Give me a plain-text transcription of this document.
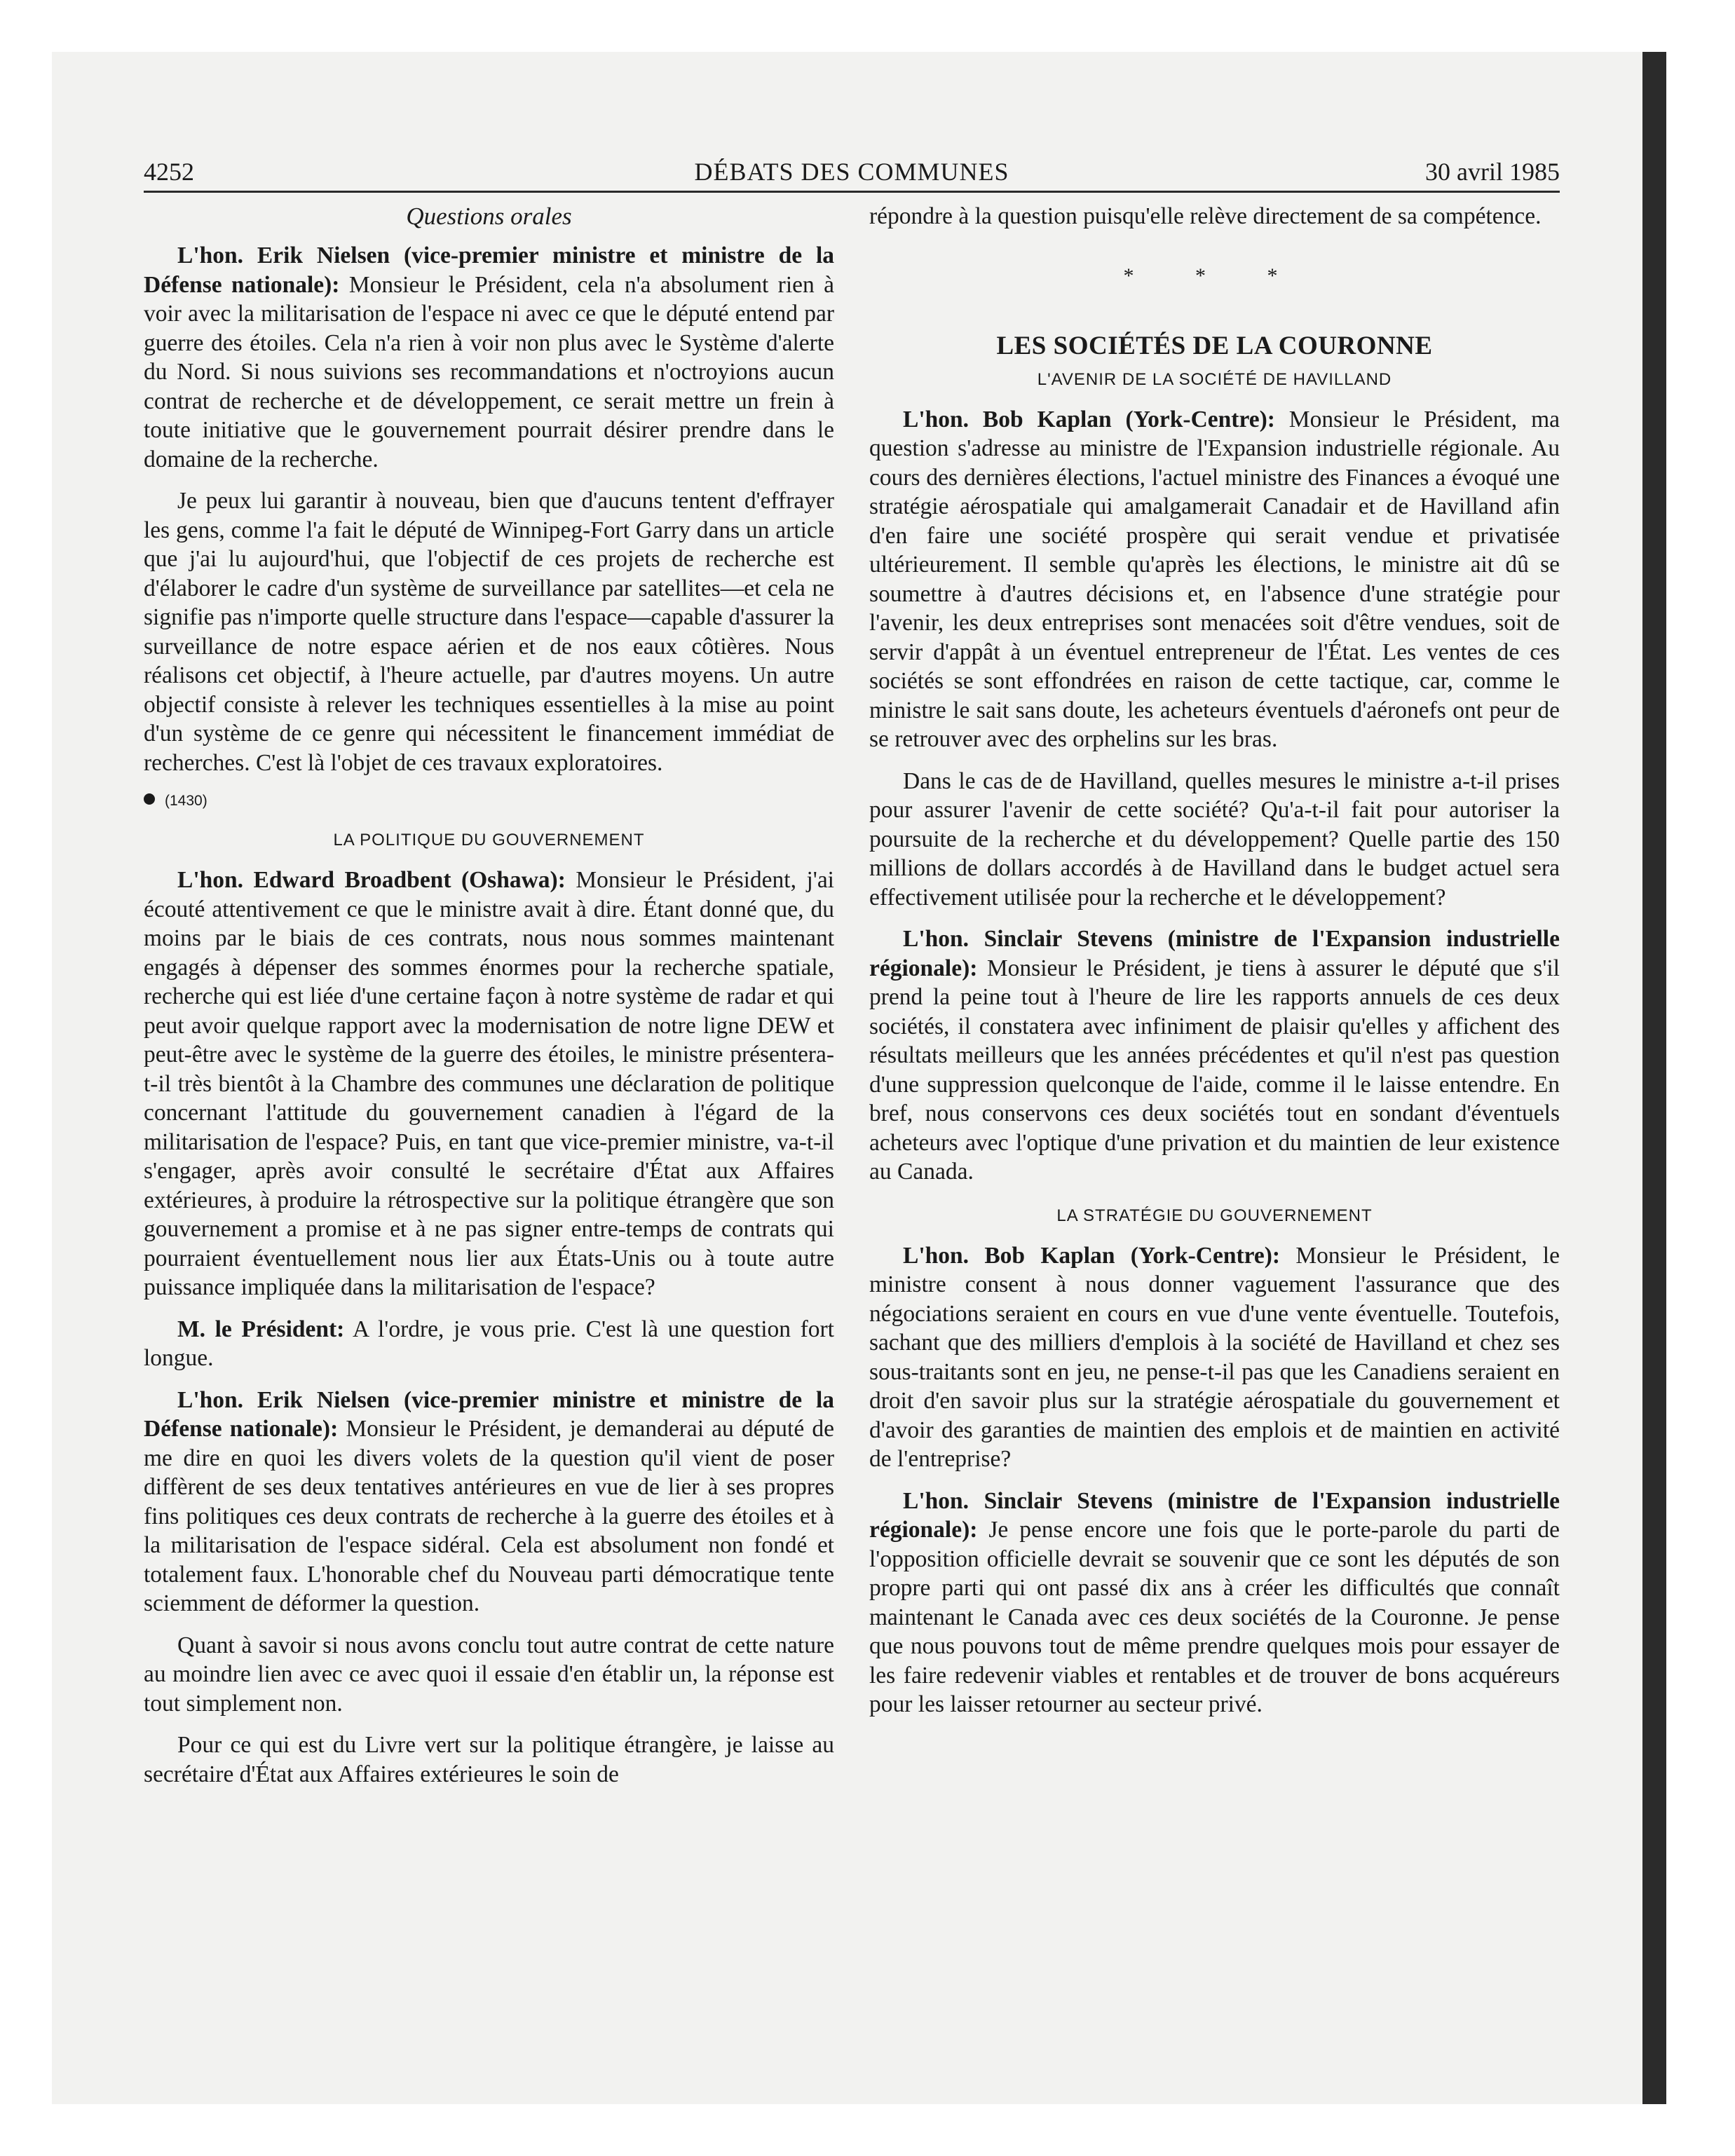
4252	DÉBATS DES COMMUNES	30 avril 1985
Questions orales

L'hon. Erik Nielsen (vice-premier ministre et ministre de la Défense nationale): Monsieur le Président, cela n'a absolument rien à voir avec la militarisation de l'espace ni avec ce que le député entend par guerre des étoiles. Cela n'a rien à voir non plus avec le Système d'alerte du Nord. Si nous suivions ses recommandations et n'octroyions aucun contrat de recherche et de développement, ce serait mettre un frein à toute initiative que le gouvernement pourrait désirer prendre dans le domaine de la recherche.

Je peux lui garantir à nouveau, bien que d'aucuns tentent d'effrayer les gens, comme l'a fait le député de Winnipeg-Fort Garry dans un article que j'ai lu aujourd'hui, que l'objectif de ces projets de recherche est d'élaborer le cadre d'un système de surveillance par satellites—et cela ne signifie pas n'importe quelle structure dans l'espace—capable d'assurer la surveillance de notre espace aérien et de nos eaux côtières. Nous réalisons cet objectif, à l'heure actuelle, par d'autres moyens. Un autre objectif consiste à relever les techniques essentielles à la mise au point d'un système de ce genre qui nécessitent le financement immédiat de recherches. C'est là l'objet de ces travaux exploratoires.

(1430)
LA POLITIQUE DU GOUVERNEMENT

L'hon. Edward Broadbent (Oshawa): Monsieur le Président, j'ai écouté attentivement ce que le ministre avait à dire. Étant donné que, du moins par le biais de ces contrats, nous nous sommes maintenant engagés à dépenser des sommes énormes pour la recherche spatiale, recherche qui est liée d'une certaine façon à notre système de radar et qui peut avoir quelque rapport avec la modernisation de notre ligne DEW et peut-être avec le système de la guerre des étoiles, le ministre présentera-t-il très bientôt à la Chambre des communes une déclaration de politique concernant l'attitude du gouvernement canadien à l'égard de la militarisation de l'espace? Puis, en tant que vice-premier ministre, va-t-il s'engager, après avoir consulté le secrétaire d'État aux Affaires extérieures, à produire la rétrospective sur la politique étrangère que son gouvernement a promise et à ne pas signer entre-temps de contrats qui pourraient éventuellement nous lier aux États-Unis ou à toute autre puissance impliquée dans la militarisation de l'espace?

M. le Président: A l'ordre, je vous prie. C'est là une question fort longue.

L'hon. Erik Nielsen (vice-premier ministre et ministre de la Défense nationale): Monsieur le Président, je demanderai au député de me dire en quoi les divers volets de la question qu'il vient de poser diffèrent de ses deux tentatives antérieures en vue de lier à ses propres fins politiques ces deux contrats de recherche à la guerre des étoiles et à la militarisation de l'espace sidéral. Cela est absolument non fondé et totalement faux. L'honorable chef du Nouveau parti démocratique tente sciemment de déformer la question.

Quant à savoir si nous avons conclu tout autre contrat de cette nature au moindre lien avec ce avec quoi il essaie d'en établir un, la réponse est tout simplement non.

Pour ce qui est du Livre vert sur la politique étrangère, je laisse au secrétaire d'État aux Affaires extérieures le soin de

répondre à la question puisqu'elle relève directement de sa compétence.

* * *
LES SOCIÉTÉS DE LA COURONNE
L'AVENIR DE LA SOCIÉTÉ DE HAVILLAND

L'hon. Bob Kaplan (York-Centre): Monsieur le Président, ma question s'adresse au ministre de l'Expansion industrielle régionale. Au cours des dernières élections, l'actuel ministre des Finances a évoqué une stratégie aérospatiale qui amalgamerait Canadair et de Havilland afin d'en faire une société prospère qui serait vendue et privatisée ultérieurement. Il semble qu'après les élections, le ministre ait dû se soumettre à d'autres décisions et, en l'absence d'une stratégie pour l'avenir, les deux entreprises sont menacées soit d'être vendues, soit de servir d'appât à un éventuel entrepreneur de l'État. Les ventes de ces sociétés se sont effondrées en raison de cette tactique, car, comme le ministre le sait sans doute, les acheteurs éventuels d'aéronefs ont peur de se retrouver avec des orphelins sur les bras.

Dans le cas de de Havilland, quelles mesures le ministre a-t-il prises pour assurer l'avenir de cette société? Qu'a-t-il fait pour autoriser la poursuite de la recherche et du développement? Quelle partie des 150 millions de dollars accordés à de Havilland dans le budget actuel sera effectivement utilisée pour la recherche et le développement?

L'hon. Sinclair Stevens (ministre de l'Expansion industrielle régionale): Monsieur le Président, je tiens à assurer le député que s'il prend la peine tout à l'heure de lire les rapports annuels de ces deux sociétés, il constatera avec infiniment de plaisir qu'elles y affichent des résultats meilleurs que les années précédentes et qu'il n'est pas question d'une suppression quelconque de l'aide, comme il le laisse entendre. En bref, nous conservons ces deux sociétés tout en sondant d'éventuels acheteurs avec l'optique d'une privation et du maintien de leur existence au Canada.

LA STRATÉGIE DU GOUVERNEMENT

L'hon. Bob Kaplan (York-Centre): Monsieur le Président, le ministre consent à nous donner vaguement l'assurance que des négociations seraient en cours en vue d'une vente éventuelle. Toutefois, sachant que des milliers d'emplois à la société de Havilland et chez ses sous-traitants sont en jeu, ne pense-t-il pas que les Canadiens seraient en droit d'en savoir plus sur la stratégie aérospatiale du gouvernement et d'avoir des garanties de maintien des emplois et de maintien en activité de l'entreprise?

L'hon. Sinclair Stevens (ministre de l'Expansion industrielle régionale): Je pense encore une fois que le porte-parole du parti de l'opposition officielle devrait se souvenir que ce sont les députés de son propre parti qui ont passé dix ans à créer les difficultés que connaît maintenant le Canada avec ces deux sociétés de la Couronne. Je pense que nous pouvons tout de même prendre quelques mois pour essayer de les faire redevenir viables et rentables et de trouver de bons acquéreurs pour les laisser retourner au secteur privé.
